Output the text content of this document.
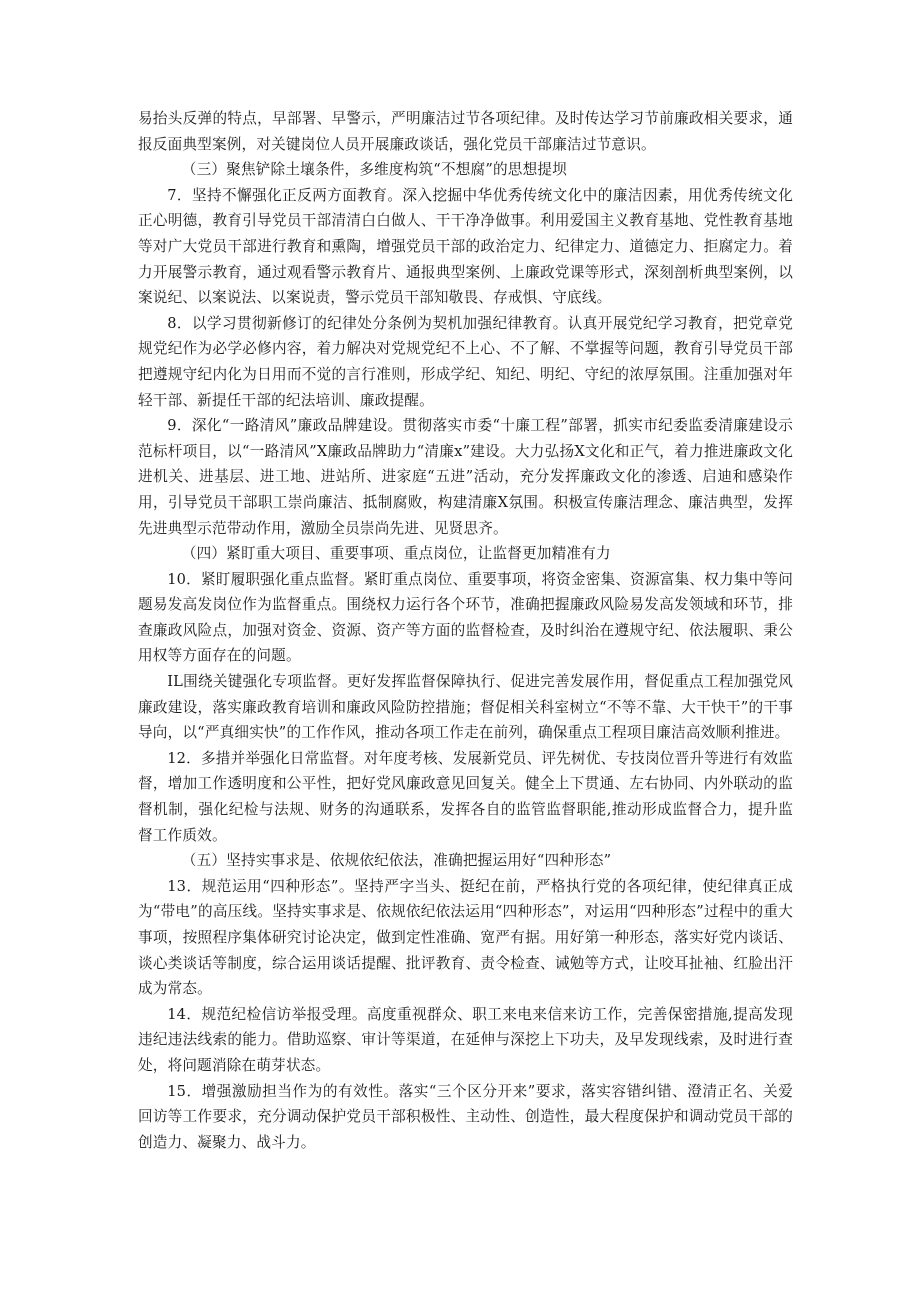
易抬头反弹的特点，早部署、早警示，严明廉洁过节各项纪律。及时传达学习节前廉政相关要求，通报反面典型案例，对关键岗位人员开展廉政谈话，强化党员干部廉洁过节意识。

（三）聚焦铲除土壤条件，多维度构筑“不想腐”的思想提坝

7．坚持不懈强化正反两方面教育。深入挖掘中华优秀传统文化中的廉洁因素，用优秀传统文化正心明德，教育引导党员干部清清白白做人、干干净净做事。利用爱国主义教育基地、党性教育基地等对广大党员干部进行教育和熏陶，增强党员干部的政治定力、纪律定力、道德定力、拒腐定力。着力开展警示教育，通过观看警示教育片、通报典型案例、上廉政党课等形式，深刻剖析典型案例，以案说纪、以案说法、以案说责，警示党员干部知敬畏、存戒惧、守底线。

8．以学习贯彻新修订的纪律处分条例为契机加强纪律教育。认真开展党纪学习教育，把党章党规党纪作为必学必修内容，着力解决对党规党纪不上心、不了解、不掌握等问题，教育引导党员干部把遵规守纪内化为日用而不觉的言行准则，形成学纪、知纪、明纪、守纪的浓厚氛围。注重加强对年轻干部、新提任干部的纪法培训、廉政提醒。

9．深化“一路清风”廉政品牌建设。贯彻落实市委“十廉工程”部署，抓实市纪委监委清廉建设示范标杆项目，以“一路清风”X廉政品牌助力“清廉x”建设。大力弘扬X文化和正气，着力推进廉政文化进机关、进基层、进工地、进站所、进家庭“五进”活动，充分发挥廉政文化的渗透、启迪和感染作用，引导党员干部职工崇尚廉洁、抵制腐败，构建清廉X氛围。积极宣传廉洁理念、廉洁典型，发挥先进典型示范带动作用，激励全员崇尚先进、见贤思齐。

（四）紧盯重大项目、重要事项、重点岗位，让监督更加精准有力

10．紧盯履职强化重点监督。紧盯重点岗位、重要事项，将资金密集、资源富集、权力集中等问题易发高发岗位作为监督重点。围绕权力运行各个环节，准确把握廉政风险易发高发领域和环节，排查廉政风险点，加强对资金、资源、资产等方面的监督检查，及时纠治在遵规守纪、依法履职、秉公用权等方面存在的问题。

IL围绕关键强化专项监督。更好发挥监督保障执行、促进完善发展作用，督促重点工程加强党风廉政建设，落实廉政教育培训和廉政风险防控措施；督促相关科室树立“不等不靠、大干快干”的干事导向，以“严真细实快”的工作作风，推动各项工作走在前列，确保重点工程项目廉洁高效顺利推进。

12．多措并举强化日常监督。对年度考核、发展新党员、评先树优、专技岗位晋升等进行有效监督，增加工作透明度和公平性，把好党风廉政意见回复关。健全上下贯通、左右协同、内外联动的监督机制，强化纪检与法规、财务的沟通联系，发挥各自的监管监督职能,推动形成监督合力，提升监督工作质效。

（五）坚持实事求是、依规依纪依法，准确把握运用好“四种形态”

13．规范运用“四种形态”。坚持严字当头、挺纪在前，严格执行党的各项纪律，使纪律真正成为“带电”的高压线。坚持实事求是、依规依纪依法运用“四种形态”，对运用“四种形态”过程中的重大事项，按照程序集体研究讨论决定，做到定性准确、宽严有据。用好第一种形态，落实好党内谈话、谈心类谈话等制度，综合运用谈话提醒、批评教育、责令检查、诫勉等方式，让咬耳扯袖、红脸出汗成为常态。

14．规范纪检信访举报受理。高度重视群众、职工来电来信来访工作，完善保密措施,提高发现违纪违法线索的能力。借助巡察、审计等渠道，在延伸与深挖上下功夫，及早发现线索，及时进行查处，将问题消除在萌芽状态。

15．增强激励担当作为的有效性。落实“三个区分开来”要求，落实容错纠错、澄清正名、关爱回访等工作要求，充分调动保护党员干部积极性、主动性、创造性，最大程度保护和调动党员干部的创造力、凝聚力、战斗力。
